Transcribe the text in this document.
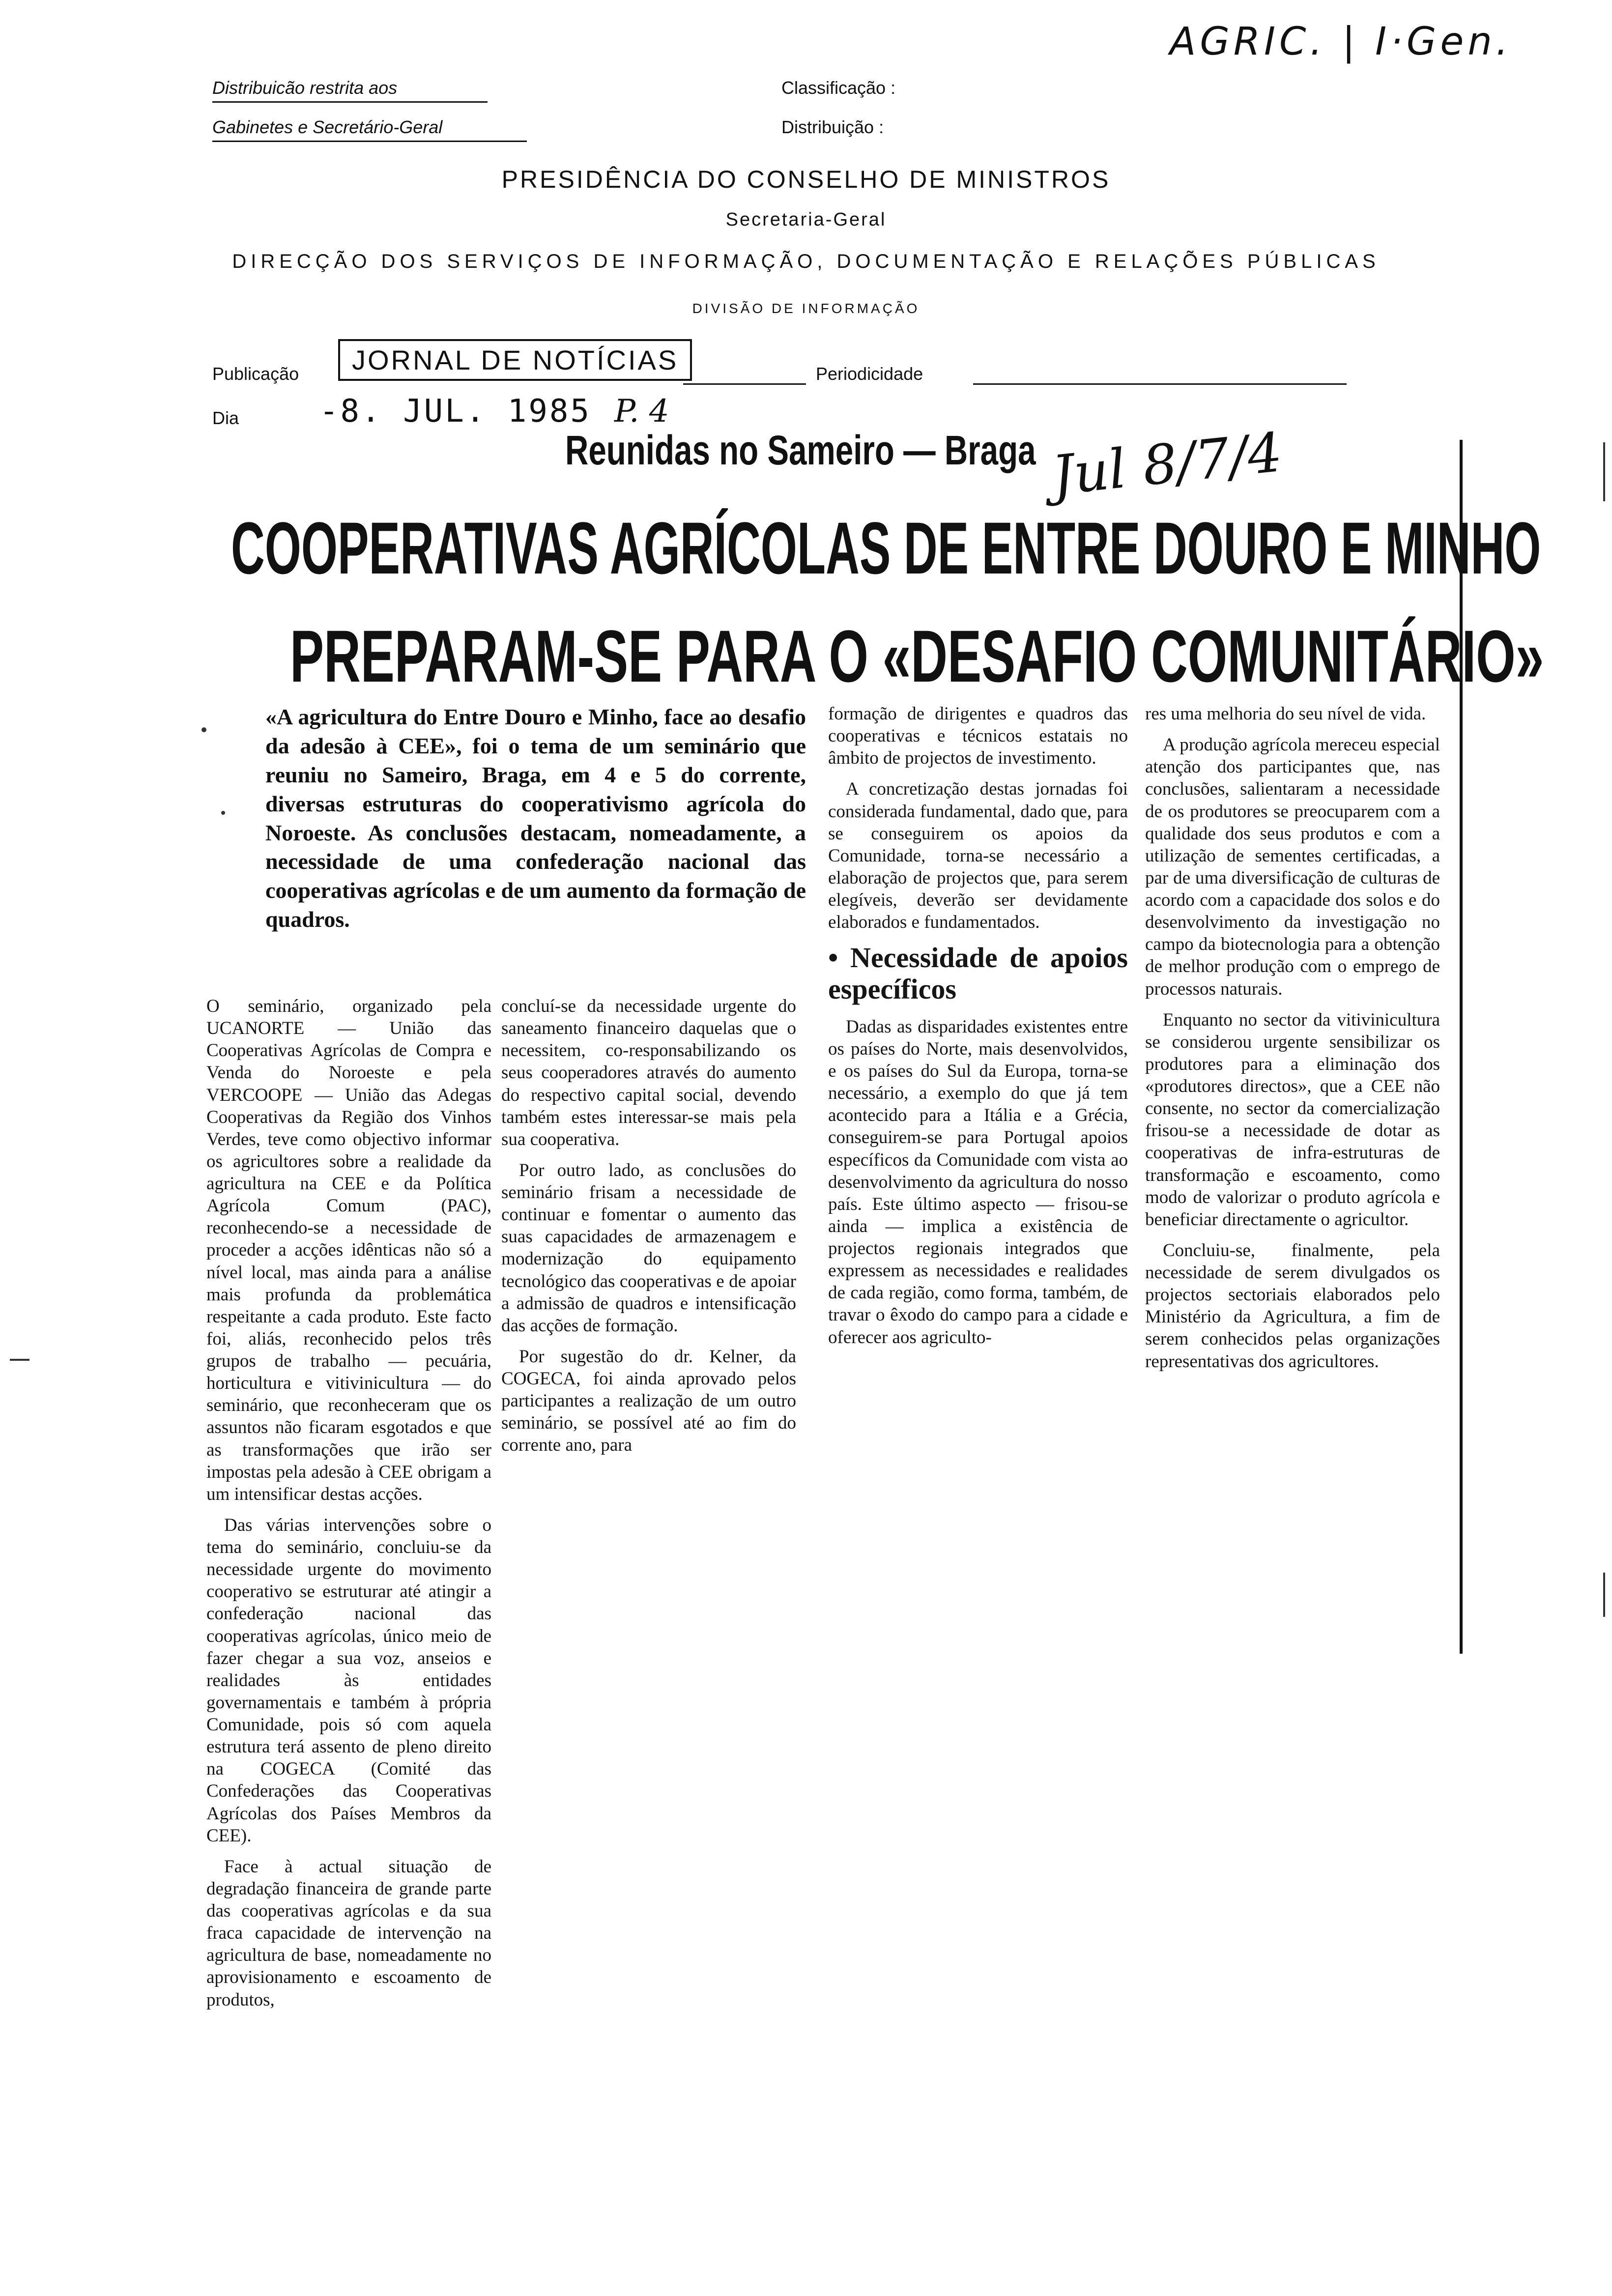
Distribuicão restrita aos
Gabinetes e Secretário-Geral
Classificação :
Distribuição :
AGRIC. | I·Gen.
PRESIDÊNCIA DO CONSELHO DE MINISTROS
Secretaria-Geral
DIRECÇÃO DOS SERVIÇOS DE INFORMAÇÃO, DOCUMENTAÇÃO E RELAÇÕES PÚBLICAS
DIVISÃO DE INFORMAÇÃO
Publicação	JORNAL DE NOTÍCIAS	Periodicidade
Dia	-8. JUL. 1985 P. 4
Reunidas no Sameiro — Braga Jul 8/7/4
COOPERATIVAS AGRÍCOLAS DE ENTRE DOURO E MINHO
PREPARAM-SE PARA O «DESAFIO COMUNITÁRIO»
«A agricultura do Entre Douro e Minho, face ao desafio da adesão à CEE», foi o tema de um seminário que reuniu no Sameiro, Braga, em 4 e 5 do corrente, diversas estruturas do cooperativismo agrícola do Noroeste. As conclusões destacam, nomeadamente, a necessidade de uma confederação nacional das cooperativas agrícolas e de um aumento da formação de quadros.

O seminário, organizado pela UCANORTE — União das Cooperativas Agrícolas de Compra e Venda do Noroeste e pela VERCOOPE — União das Adegas Cooperativas da Região dos Vinhos Verdes, teve como objectivo informar os agricultores sobre a realidade da agricultura na CEE e da Política Agrícola Comum (PAC), reconhecendo-se a necessidade de proceder a acções idênticas não só a nível local, mas ainda para a análise mais profunda da problemática respeitante a cada produto. Este facto foi, aliás, reconhecido pelos três grupos de trabalho — pecuária, horticultura e vitivinicultura — do seminário, que reconheceram que os assuntos não ficaram esgotados e que as transformações que irão ser impostas pela adesão à CEE obrigam a um intensificar destas acções.

Das várias intervenções sobre o tema do seminário, concluiu-se da necessidade urgente do movimento cooperativo se estruturar até atingir a confederação nacional das cooperativas agrícolas, único meio de fazer chegar a sua voz, anseios e realidades às entidades governamentais e também à própria Comunidade, pois só com aquela estrutura terá assento de pleno direito na COGECA (Comité das Confederações das Cooperativas Agrícolas dos Países Membros da CEE).

Face à actual situação de degradação financeira de grande parte das cooperativas agrícolas e da sua fraca capacidade de intervenção na agricultura de base, nomeadamente no aprovisionamento e escoamento de produtos,

concluí-se da necessidade urgente do saneamento financeiro daquelas que o necessitem, co-responsabilizando os seus cooperadores através do aumento do respectivo capital social, devendo também estes interessar-se mais pela sua cooperativa.

Por outro lado, as conclusões do seminário frisam a necessidade de continuar e fomentar o aumento das suas capacidades de armazenagem e modernização do equipamento tecnológico das cooperativas e de apoiar a admissão de quadros e intensificação das acções de formação.

Por sugestão do dr. Kelner, da COGECA, foi ainda aprovado pelos participantes a realização de um outro seminário, se possível até ao fim do corrente ano, para

formação de dirigentes e quadros das cooperativas e técnicos estatais no âmbito de projectos de investimento.

A concretização destas jornadas foi considerada fundamental, dado que, para se conseguirem os apoios da Comunidade, torna-se necessário a elaboração de projectos que, para serem elegíveis, deverão ser devidamente elaborados e fundamentados.

• Necessidade de apoios específicos

Dadas as disparidades existentes entre os países do Norte, mais desenvolvidos, e os países do Sul da Europa, torna-se necessário, a exemplo do que já tem acontecido para a Itália e a Grécia, conseguirem-se para Portugal apoios específicos da Comunidade com vista ao desenvolvimento da agricultura do nosso país. Este último aspecto — frisou-se ainda — implica a existência de projectos regionais integrados que expressem as necessidades e realidades de cada região, como forma, também, de travar o êxodo do campo para a cidade e oferecer aos agriculto-

res uma melhoria do seu nível de vida.

A produção agrícola mereceu especial atenção dos participantes que, nas conclusões, salientaram a necessidade de os produtores se preocuparem com a qualidade dos seus produtos e com a utilização de sementes certificadas, a par de uma diversificação de culturas de acordo com a capacidade dos solos e do desenvolvimento da investigação no campo da biotecnologia para a obtenção de melhor produção com o emprego de processos naturais.

Enquanto no sector da vitivinicultura se considerou urgente sensibilizar os produtores para a eliminação dos «produtores directos», que a CEE não consente, no sector da comercialização frisou-se a necessidade de dotar as cooperativas de infra-estruturas de transformação e escoamento, como modo de valorizar o produto agrícola e beneficiar directamente o agricultor.

Concluiu-se, finalmente, pela necessidade de serem divulgados os projectos sectoriais elaborados pelo Ministério da Agricultura, a fim de serem conhecidos pelas organizações representativas dos agricultores.
